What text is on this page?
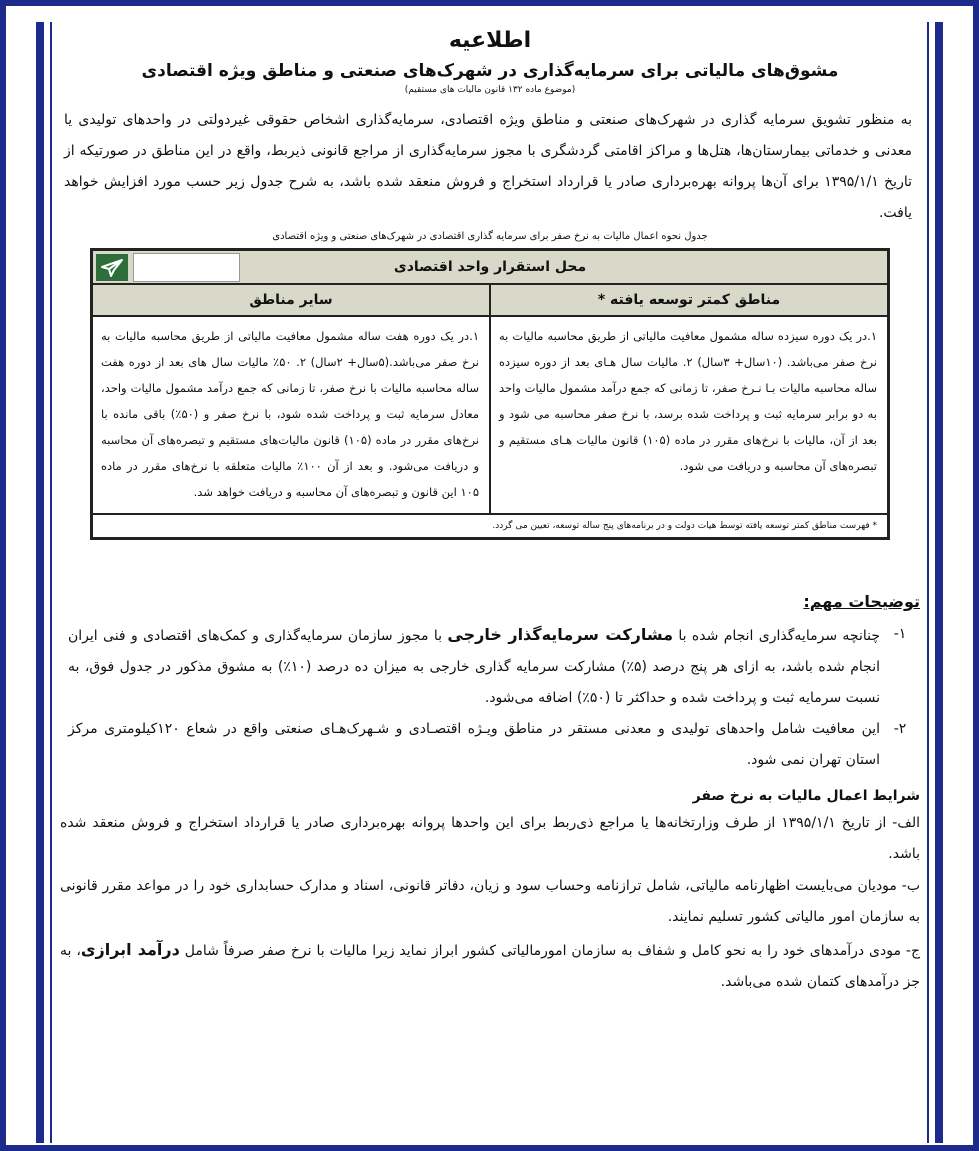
اطلاعیه
مشوق‌های مالیاتی برای سرمایه‌گذاری در شهرک‌های صنعتی و مناطق ویژه اقتصادی
(موضوع ماده ۱۳۲ قانون مالیات های مستقیم)
به منظور تشویق سرمایه گذاری در شهرک‌های صنعتی و مناطق ویژه اقتصادی، سرمایه‌گذاری اشخاص حقوقی غیردولتی در واحدهای تولیدی یا معدنی و خدماتی بیمارستان‌ها، هتل‌ها و مراکز اقامتی گردشگری با مجوز سرمایه‌گذاری از مراجع قانونی ذیربط، واقع در این مناطق در صورتیکه از تاریخ ۱۳۹۵/۱/۱ برای آن‌ها پروانه بهره‌برداری صادر یا قرارداد استخراج و فروش منعقد شده باشد، به شرح جدول زیر حسب مورد افزایش خواهد یافت.
جدول نحوه اعمال مالیات به نرخ صفر برای سرمایه گذاری اقتصادی در شهرک‌های صنعتی و ویژه اقتصادی
محل استقرار واحد اقتصادی
مناطق کمتر توسعه یافته *
سایر مناطق
۱.در یک دوره سیزده ساله مشمول معافیت مالیاتی از طریق محاسبه مالیات به نرخ صفر می‌باشد. (۱۰سال+ ۳سال) ۲. مالیات سال هـای بعد از دوره سیزده ساله محاسبه مالیات بـا نـرخ صفر، تا زمانی که جمع درآمد مشمول مالیات واحد به دو برابر سرمایه ثبت و پرداخت شده برسد، با نرخ صفر محاسبه می شود و بعد از آن، مالیات با نرخ‌های مقرر در ماده (۱۰۵) قانون مالیات هـای مستقیم و تبصره‌های آن محاسبه و دریافت می شود.
۱.در یک دوره هفت ساله مشمول معافیت مالیاتی از طریق محاسبه مالیات به نرخ صفر می‌باشد.(۵سال+ ۲سال) ۲. ۵۰٪ مالیات سال های بعد از دوره هفت ساله محاسبه مالیات با نرخ صفر، تا زمانی که جمع درآمد مشمول مالیات واحد، معادل سرمایه ثبت و پرداخت شده شود، با نرخ صفر و (۵۰٪) باقی مانده با نرخ‌های مقرر در ماده (۱۰۵) قانون مالیات‌های مستقیم و تبصره‌های آن محاسبه و دریافت می‌شود. و بعد از آن ۱۰۰٪ مالیات متعلقه با نرخ‌های مقرر در ماده ۱۰۵ این قانون و تبصره‌های آن محاسبه و دریافت خواهد شد.
* فهرست مناطق کمتر توسعه یافته توسط هیات دولت و در برنامه‌های پنج ساله توسعه، تعیین می گردد.
توضیحات مهم:
۱-
چنانچه سرمایه‌گذاری انجام شده با مشارکت سرمایه‌گذار خارجی با مجوز سازمان سرمایه‌گذاری و کمک‌های اقتصادی و فنی ایران انجام شده باشد، به ازای هر پنج درصد (۵٪) مشارکت سرمایه گذاری خارجی به میزان ده درصد (۱۰٪) به مشوق مذکور در جدول فوق، به نسبت سرمایه ثبت و پرداخت شده و حداکثر تا (۵۰٪) اضافه می‌شود.
۲-
این معافیت شامل واحدهای تولیدی و معدنی مستقر در مناطق ویـژه اقتصـادی و شـهرک‌هـای صنعتی واقع در شعاع ۱۲۰کیلومتری مرکز استان تهران نمی شود.
شرایط اعمال مالیات به نرخ صفر
الف- از تاریخ ۱۳۹۵/۱/۱ از طرف وزارتخانه‌ها یا مراجع ذی‌ربط برای این واحدها پروانه بهره‌برداری صادر یا قرارداد استخراج و فروش منعقد شده باشد.
ب- مودیان می‌بایست اظهارنامه مالیاتی، شامل ترازنامه وحساب سود و زیان، دفاتر قانونی، اسناد و مدارک حسابداری خود را در مواعد مقرر قانونی به سازمان امور مالیاتی کشور تسلیم نمایند.
ج- مودی درآمدهای خود را به نحو کامل و شفاف به سازمان امورمالیاتی کشور ابراز نماید زیرا مالیات با نرخ صفر صرفاً شامل درآمد ابرازی، به جز درآمدهای کتمان شده می‌باشد.
